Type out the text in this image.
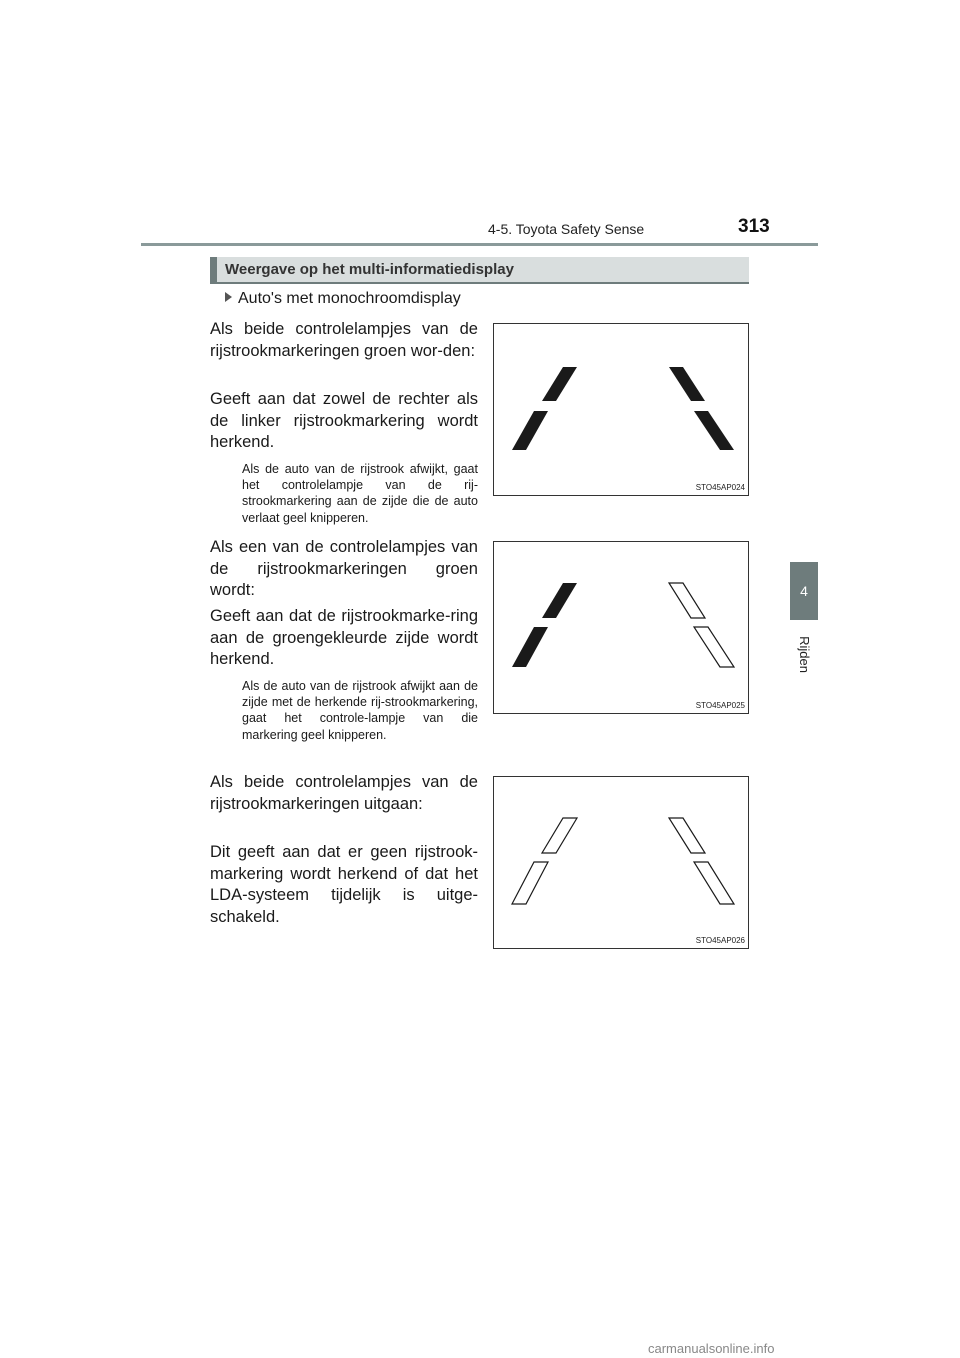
4-5. Toyota Safety Sense	313
4
Rijden
Weergave op het multi-informatiedisplay
Auto's met monochroomdisplay

Als beide controlelampjes van de rijstrookmarkeringen groen wor-den:

Geeft aan dat zowel de rechter als de linker rijstrookmarkering wordt herkend.

Als de auto van de rijstrook afwijkt, gaat het controlelampje van de rij-strookmarkering aan de zijde die de auto verlaat geel knipperen.

STO45AP024

Als een van de controlelampjes van de rijstrookmarkeringen groen wordt:

Geeft aan dat de rijstrookmarke-ring aan de groengekleurde zijde wordt herkend.

Als de auto van de rijstrook afwijkt aan de zijde met de herkende rij-strookmarkering, gaat het controle-lampje van die markering geel knipperen.

STO45AP025

Als beide controlelampjes van de rijstrookmarkeringen uitgaan:

Dit geeft aan dat er geen rijstrook-markering wordt herkend of dat het LDA-systeem tijdelijk is uitge-schakeld.

STO45AP026
carmanualsonline.info
